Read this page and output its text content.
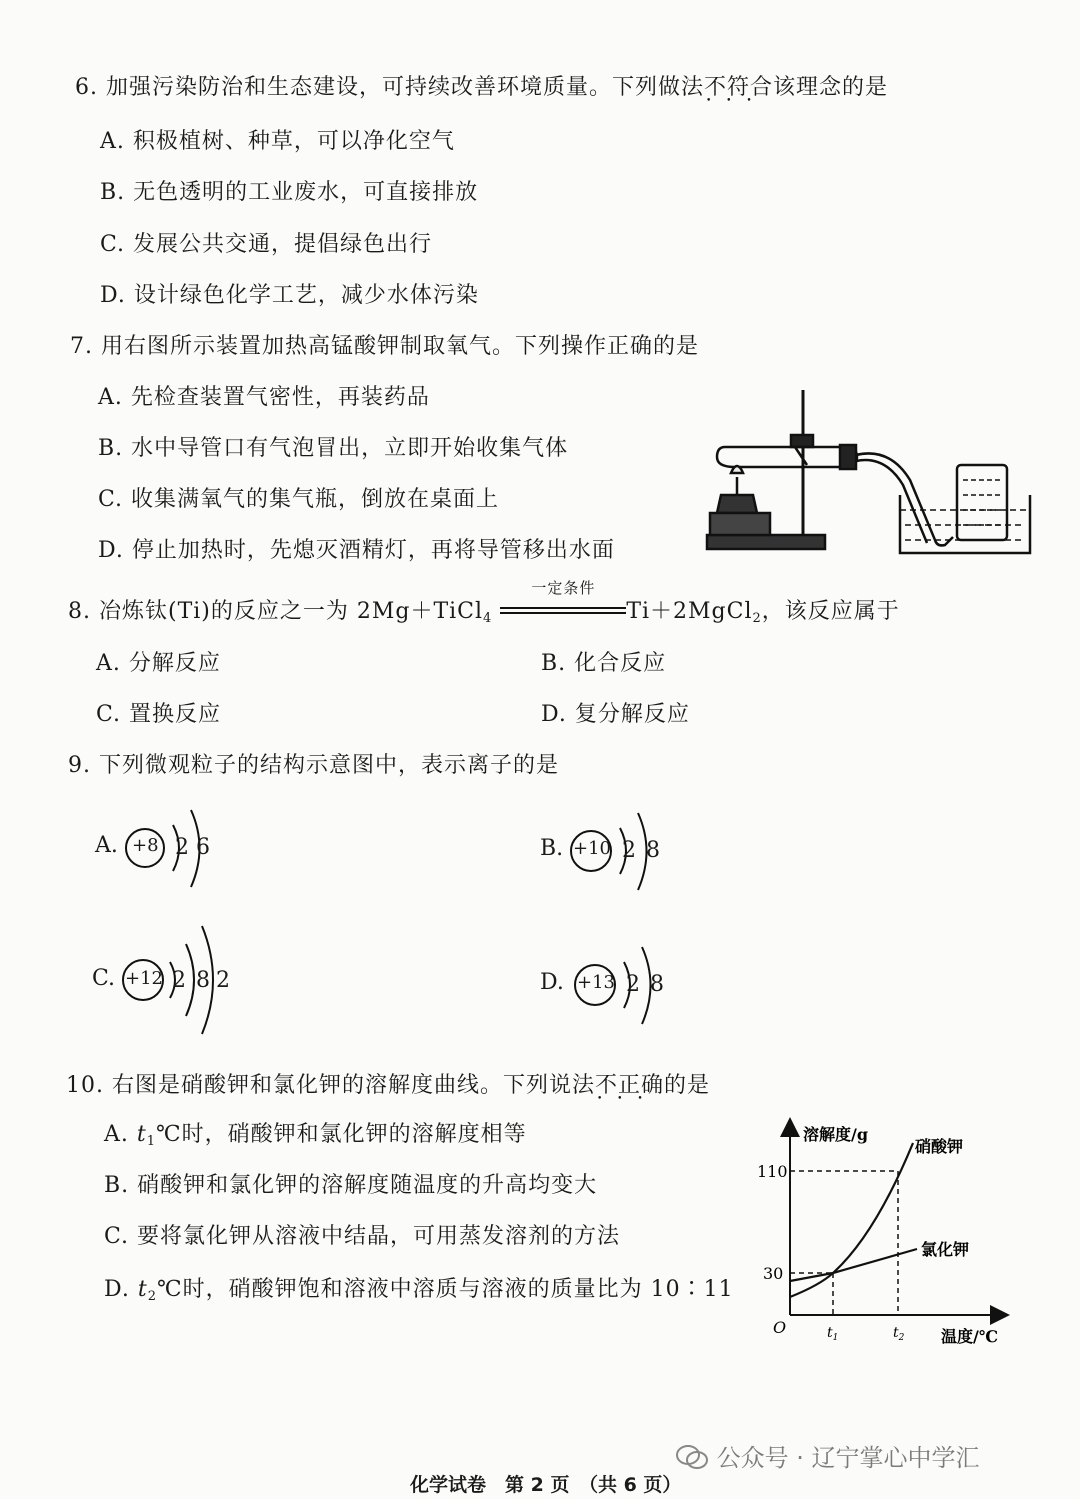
6. 加强污染防治和生态建设，可持续改善环境质量。下列做法不符合 • • •该理念的是
A. 积极植树、种草，可以净化空气
B. 无色透明的工业废水，可直接排放
C. 发展公共交通，提倡绿色出行
D. 设计绿色化学工艺，减少水体污染
7. 用右图所示装置加热高锰酸钾制取氧气。下列操作正确的是
A. 先检查装置气密性，再装药品
B. 水中导管口有气泡冒出，立即开始收集气体
C. 收集满氧气的集气瓶，倒放在桌面上
D. 停止加热时，先熄灭酒精灯，再将导管移出水面
8. 冶炼钛(Ti)的反应之一为 2Mg＋TiCl$_4$
一定条件
Ti＋2MgCl$_2$，该反应属于
A. 分解反应	B. 化合反应
C. 置换反应	D. 复分解反应
9. 下列微观粒子的结构示意图中，表示离子的是
A. +8 2 6	B. +10 2 8
C. +12 2 8 2	D. +13 2 8
10. 右图是硝酸钾和氯化钾的溶解度曲线。下列说法不正确 • • •的是
A. $t_1℃$时，硝酸钾和氯化钾的溶解度相等
B. 硝酸钾和氯化钾的溶解度随温度的升高均变大
C. 要将氯化钾从溶液中结晶，可用蒸发溶剂的方法
D. $t_2℃$时，硝酸钾饱和溶液中溶质与溶液的质量比为 10∶11
溶解度/g
温度/℃
O
110
30
$t_1$	$t_2$
硝酸钾
氯化钾
公众号 · 辽宁掌心中学汇
化学试卷　第 2 页　（共 6 页）
